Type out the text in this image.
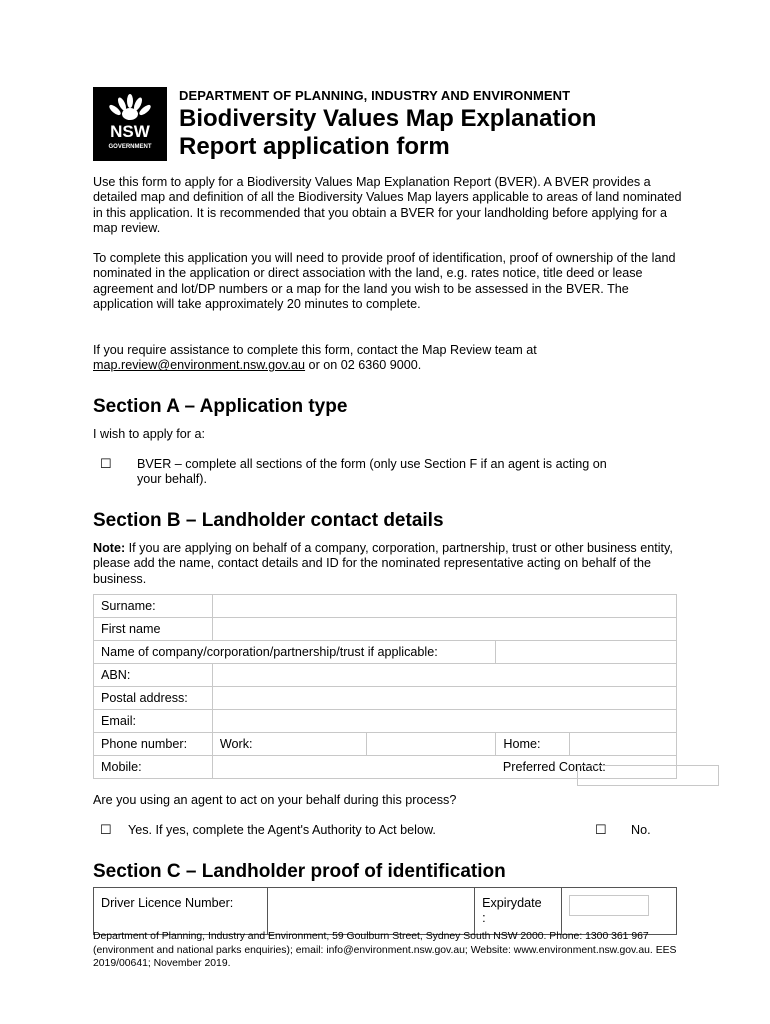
NSW
GOVERNMENT
DEPARTMENT OF PLANNING, INDUSTRY AND ENVIRONMENT
Biodiversity Values Map Explanation
Report application form
Use this form to apply for a Biodiversity Values Map Explanation Report (BVER). A BVER provides a detailed map and definition of all the Biodiversity Values Map layers applicable to areas of land nominated in this application. It is recommended that you obtain a BVER for your landholding before applying for a map review.
To complete this application you will need to provide proof of identification, proof of ownership of the land nominated in the application or direct association with the land, e.g. rates notice, title deed or lease agreement and lot/DP numbers or a map for the land you wish to be assessed in the BVER. The application will take approximately 20 minutes to complete.
If you require assistance to complete this form, contact the Map Review team at
map.review@environment.nsw.gov.au or on 02 6360 9000.
Section A – Application type
I wish to apply for a:
☐ BVER – complete all sections of the form (only use Section F if an agent is acting on
your behalf).
Section B – Landholder contact details
Note: If you are applying on behalf of a company, corporation, partnership, trust or other business entity, please add the name, contact details and ID for the nominated representative acting on behalf of the business.
Surname:				
First name				
Name of company/corporation/partnership/trust if applicable:				
ABN:				
Postal address:				
Email:				
Phone number:	Work:		Home:	
Mobile:			Preferred Contact:	
Are you using an agent to act on your behalf during this process?
☐ Yes. If yes, complete the Agent's Authority to Act below.	☐ No.
Section C – Landholder proof of identification
Driver Licence Number:		Expirydate
:

Department of Planning, Industry and Environment, 59 Goulburn Street, Sydney South NSW 2000. Phone: 1300 361 967 (environment and national parks enquiries); email: info@environment.nsw.gov.au; Website: www.environment.nsw.gov.au. EES 2019/00641; November 2019.
